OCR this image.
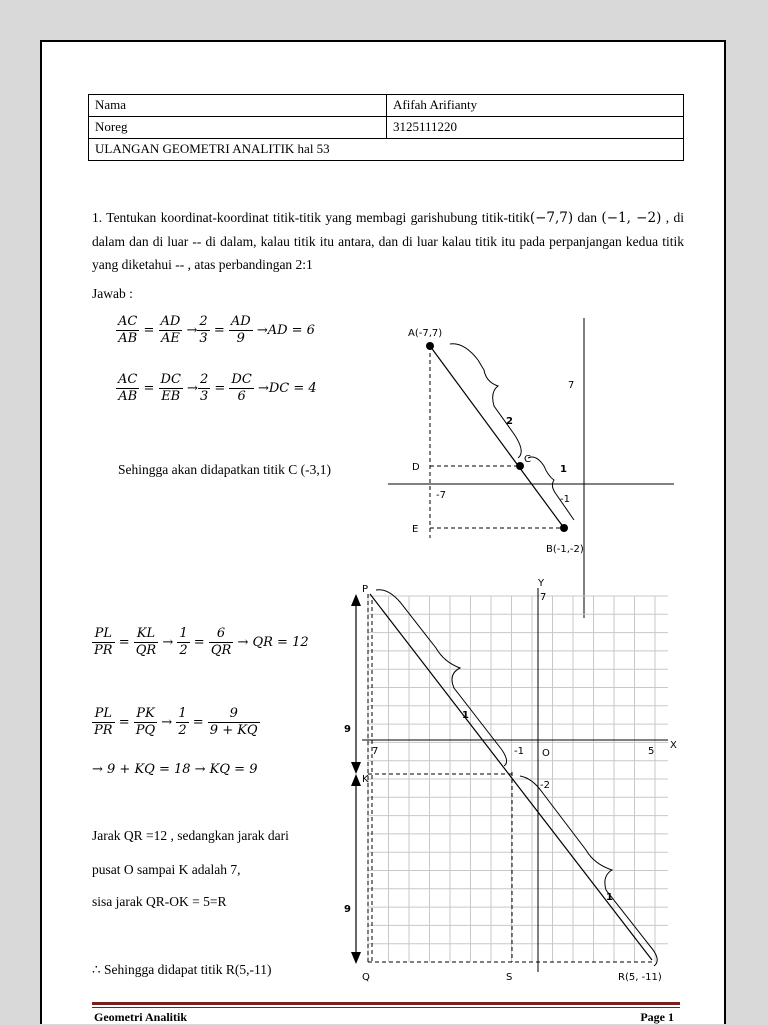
Nama	Afifah Arifianty
Noreg	3125111220
ULANGAN GEOMETRI ANALITIK hal 53	
1. Tentukan koordinat-koordinat titik-titik yang membagi garishubung titik-titik(−7,7) dan (−1, −2) , di dalam dan di luar -- di dalam, kalau titik itu antara, dan di luar kalau titik itu pada perpanjangan kedua titik yang diketahui -- , atas perbandingan 2:1
Jawab :
$\frac{AC}{AB} = \frac{AD}{AE} \to \frac{2}{3} = \frac{AD}{9} \to AD = 6$
$\frac{AC}{AB} = \frac{DC}{EB} \to \frac{2}{3} = \frac{DC}{6} \to DC = 4$
Sehingga akan didapatkan titik C (-3,1)
$\frac{PL}{PR} = \frac{KL}{QR} \to \frac{1}{2} = \frac{6}{QR}$ → QR = 12
$\frac{PL}{PR} = \frac{PK}{PQ} \to \frac{1}{2} = \frac{9}{9 + KQ}$
→ 9 + KQ = 18 → KQ = 9
Jarak QR =12 , sedangkan jarak dari
pusat O sampai K adalah 7,
sisa jarak QR-OK = 5=R
∴ Sehingga didapat titik R(5,-11)
A(-7,7)
B(-1,-2)
C
D
E
7
-7	-1
2
1
P
Q	R(5, -11)
S
K
O
X
Y
7
7	-1	5
-2
9
9
1
1
Geometri Analitik	Page 1
